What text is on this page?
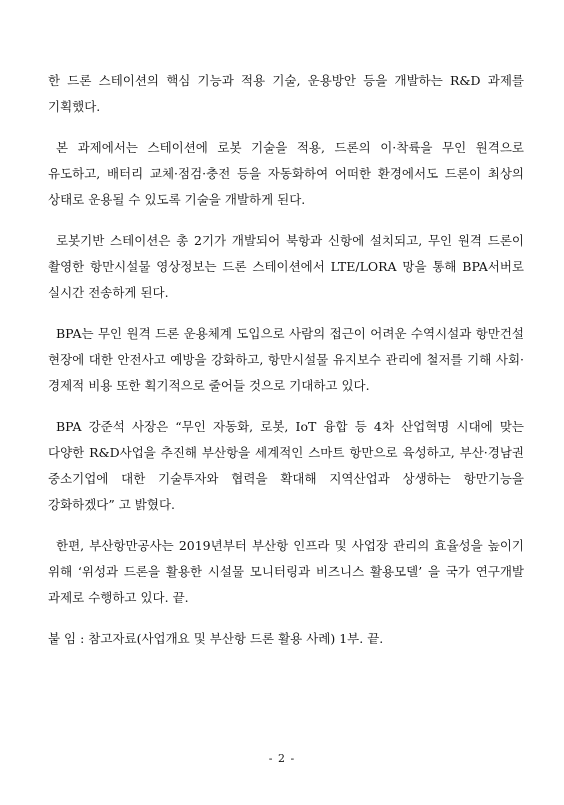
한 드론 스테이션의 핵심 기능과 적용 기술, 운용방안 등을 개발하는 R&D 과제를 기획했다.

본 과제에서는 스테이션에 로봇 기술을 적용, 드론의 이·착륙을 무인 원격으로 유도하고, 배터리 교체·점검·충전 등을 자동화하여 어떠한 환경에서도 드론이 최상의 상태로 운용될 수 있도록 기술을 개발하게 된다.

로봇기반 스테이션은 총 2기가 개발되어 북항과 신항에 설치되고, 무인 원격 드론이 촬영한 항만시설물 영상정보는 드론 스테이션에서 LTE/LORA 망을 통해 BPA서버로 실시간 전송하게 된다.

BPA는 무인 원격 드론 운용체계 도입으로 사람의 접근이 어려운 수역시설과 항만건설 현장에 대한 안전사고 예방을 강화하고, 항만시설물 유지보수 관리에 철저를 기해 사회·경제적 비용 또한 획기적으로 줄어들 것으로 기대하고 있다.

BPA 강준석 사장은 “무인 자동화, 로봇, IoT 융합 등 4차 산업혁명 시대에 맞는 다양한 R&D사업을 추진해 부산항을 세계적인 스마트 항만으로 육성하고, 부산·경남권 중소기업에 대한 기술투자와 협력을 확대해 지역산업과 상생하는 항만기능을 강화하겠다” 고 밝혔다.

한편, 부산항만공사는 2019년부터 부산항 인프라 및 사업장 관리의 효율성을 높이기 위해 ‘위성과 드론을 활용한 시설물 모니터링과 비즈니스 활용모델’ 을 국가 연구개발 과제로 수행하고 있다. 끝.

붙 임 : 참고자료(사업개요 및 부산항 드론 활용 사례) 1부. 끝.

- 2 -
